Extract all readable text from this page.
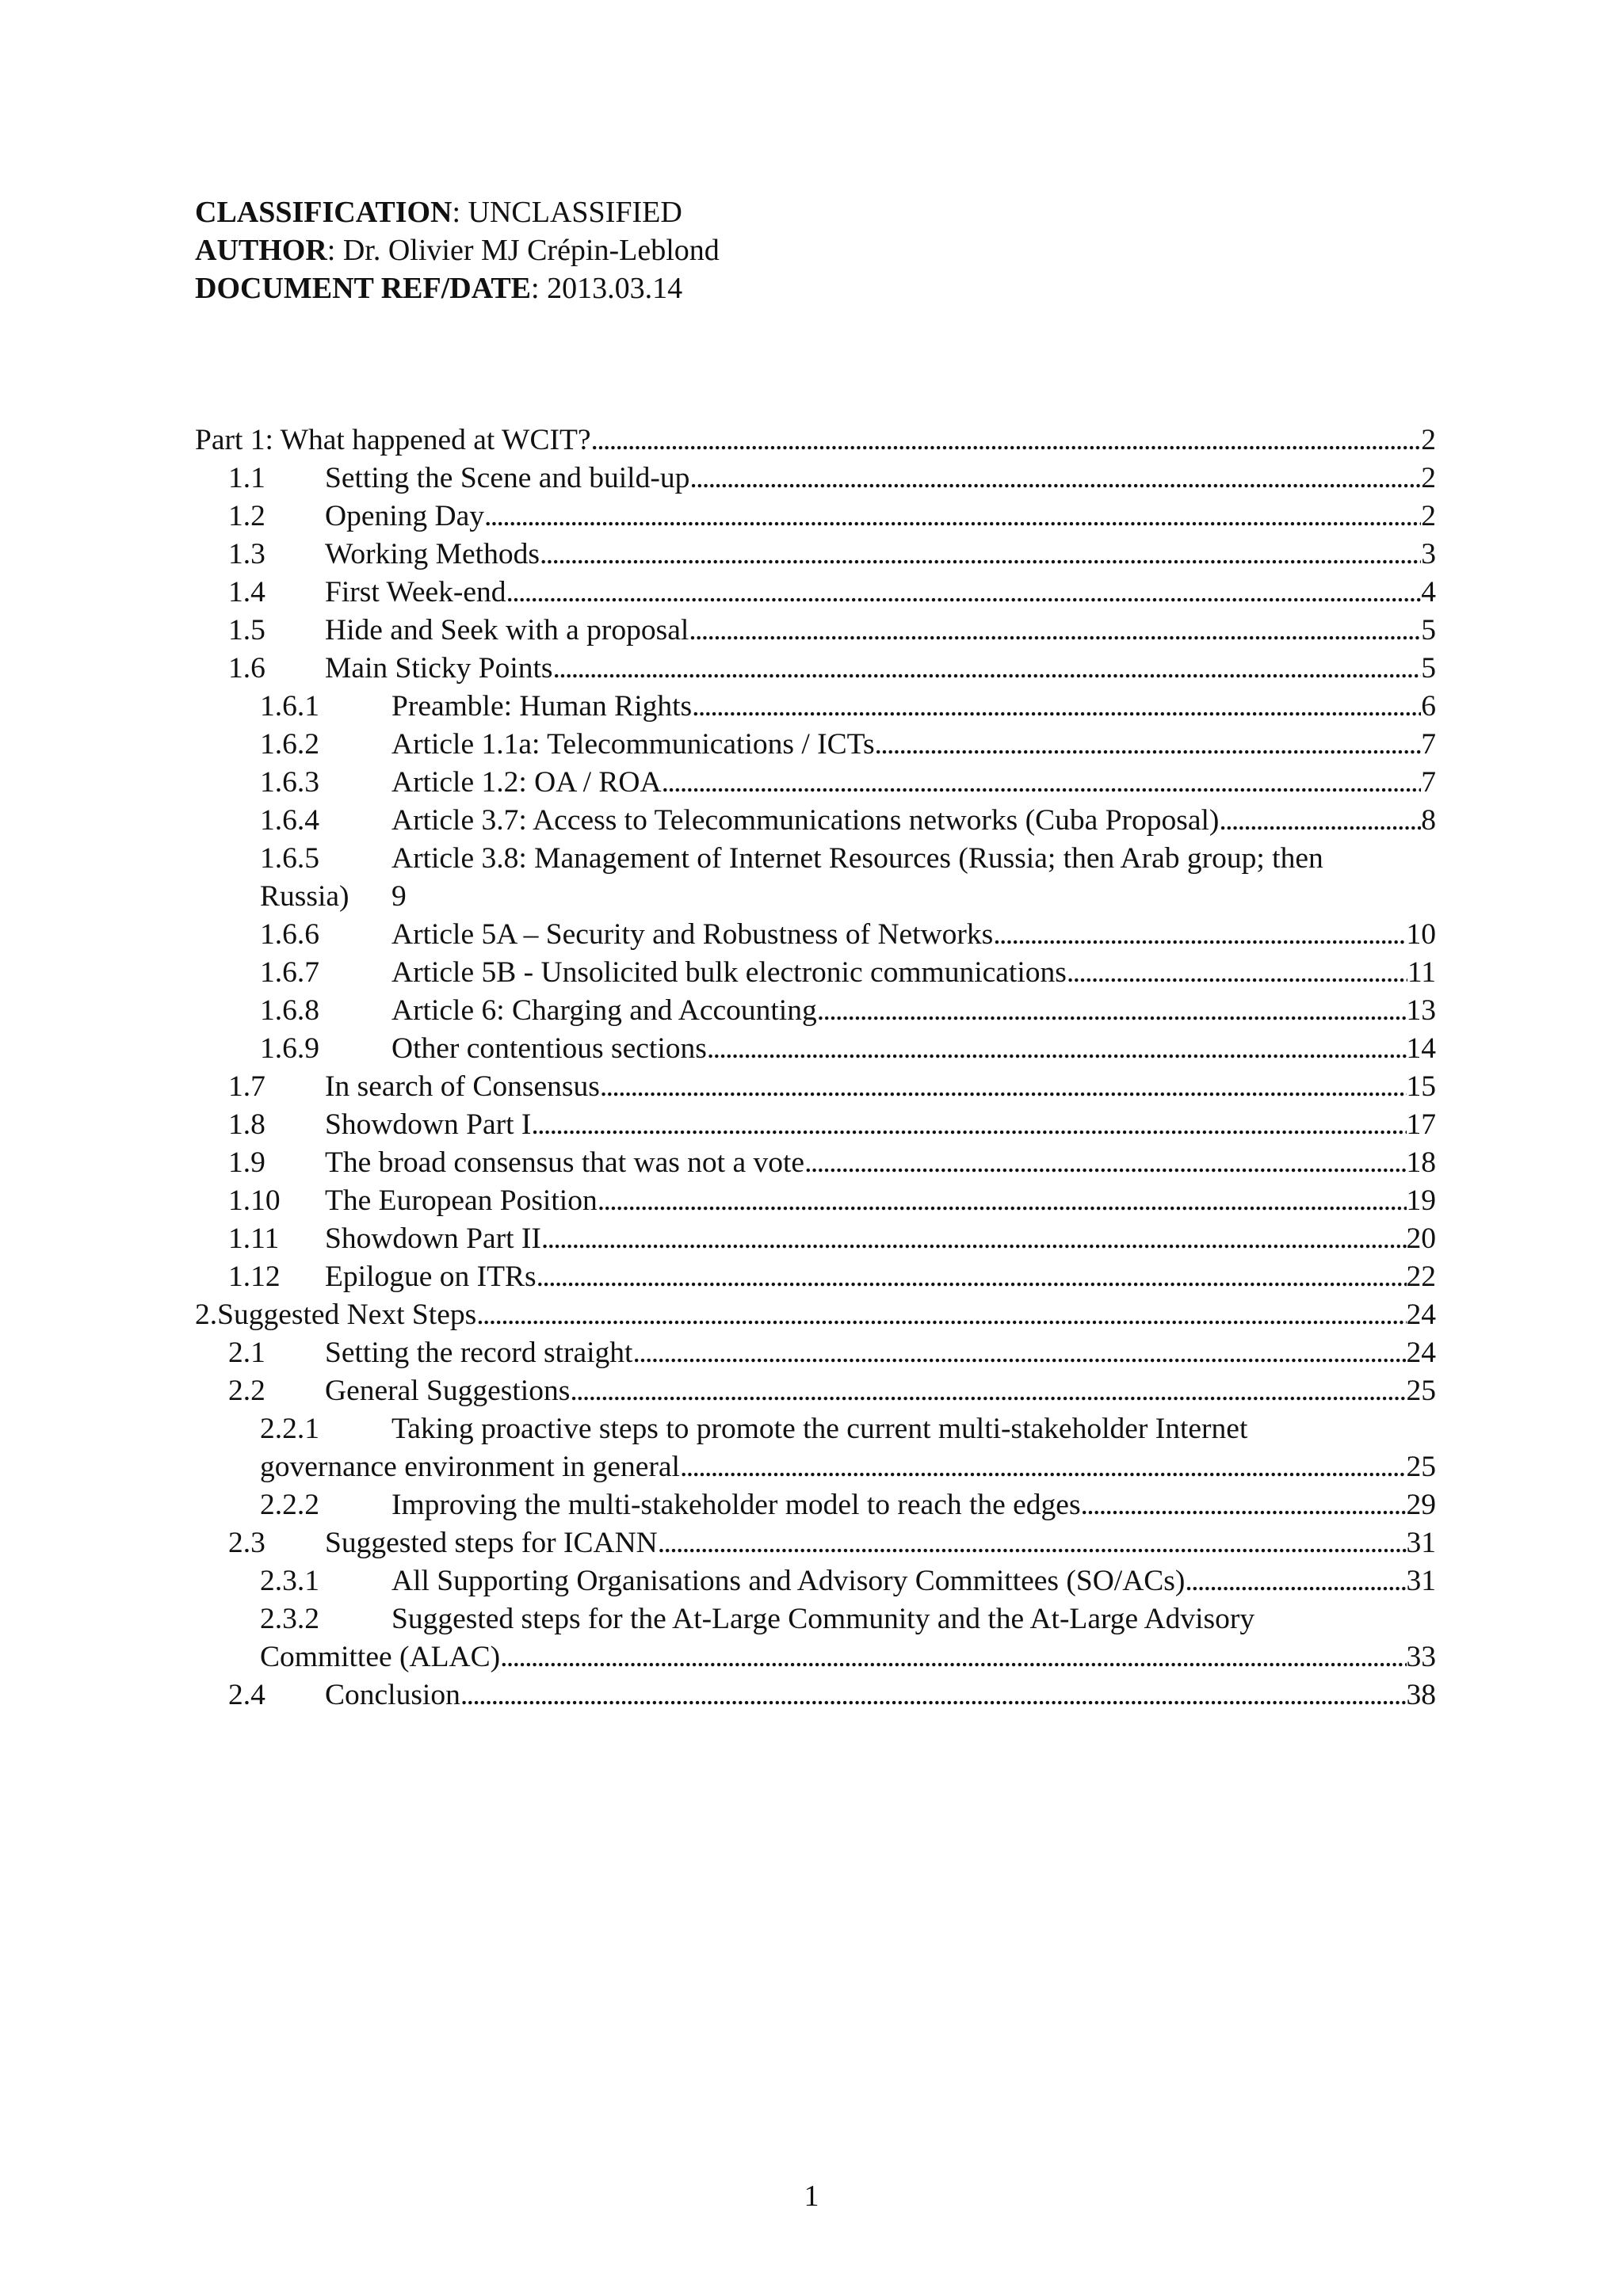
CLASSIFICATION: UNCLASSIFIED
AUTHOR: Dr. Olivier MJ Crépin-Leblond
DOCUMENT REF/DATE: 2013.03.14
Part 1: What happened at WCIT? . . .	2
1.1	Setting the Scene and build-up . . .	2
1.2	Opening Day . . .	2
1.3	Working Methods . . .	3
1.4	First Week-end . . .	4
1.5	Hide and Seek with a proposal . . .	5
1.6	Main Sticky Points . . .	5
1.6.1	Preamble: Human Rights . . .	6
1.6.2	Article 1.1a: Telecommunications / ICTs . . .	7
1.6.3	Article 1.2: OA / ROA . . .	7
1.6.4	Article 3.7: Access to Telecommunications networks (Cuba Proposal) . . .	8
1.6.5	Article 3.8: Management of Internet Resources (Russia; then Arab group; then
Russia)	9
1.6.6	Article 5A – Security and Robustness of Networks . . .	10
1.6.7	Article 5B - Unsolicited bulk electronic communications . . .	11
1.6.8	Article 6: Charging and Accounting . . .	13
1.6.9	Other contentious sections . . .	14
1.7	In search of Consensus . . .	15
1.8	Showdown Part I . . .	17
1.9	The broad consensus that was not a vote . . .	18
1.10	The European Position . . .	19
1.11	Showdown Part II . . .	20
1.12	Epilogue on ITRs . . .	22
2. Suggested Next Steps . . .	24
2.1	Setting the record straight . . .	24
2.2	General Suggestions . . .	25
2.2.1	Taking proactive steps to promote the current multi-stakeholder Internet
governance environment in general . . .	25
2.2.2	Improving the multi-stakeholder model to reach the edges . . .	29
2.3	Suggested steps for ICANN . . .	31
2.3.1	All Supporting Organisations and Advisory Committees (SO/ACs) . . .	31
2.3.2	Suggested steps for the At-Large Community and the At-Large Advisory
Committee (ALAC) . . .	33
2.4	Conclusion . . .	38
1
